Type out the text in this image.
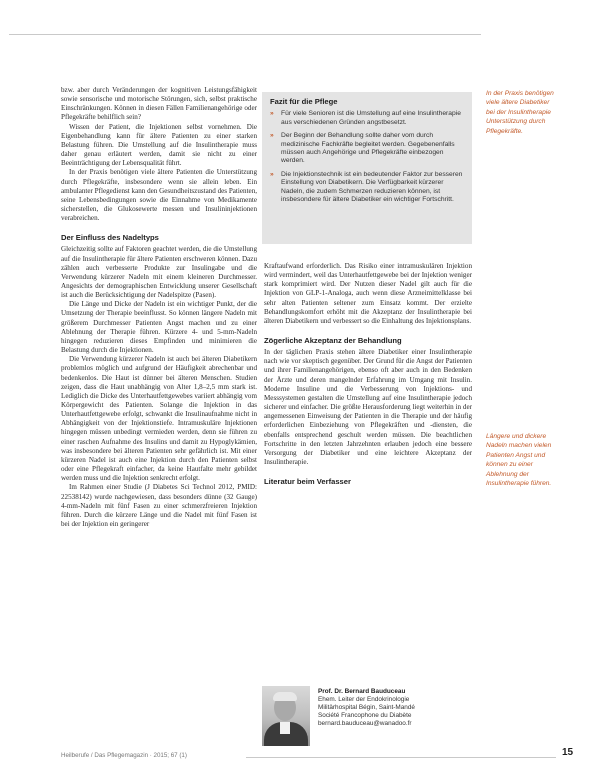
bzw. aber durch Veränderungen der kognitiven Leistungsfähigkeit sowie sensorische und motorische Störungen, sich, selbst praktische Einschränkungen. Können in diesen Fällen Familienangehörige oder Pflegekräfte behilflich sein?

Wissen der Patient, die Injektionen selbst vornehmen. Die Eigenbehandlung kann für ältere Patienten zu einer starken Belastung führen. Die Umstellung auf die Insulintherapie muss daher genau erläutert werden, damit sie nicht zu einer Beeinträchtigung der Lebensqualität führt.

In der Praxis benötigen viele ältere Patienten die Unterstützung durch Pflegekräfte, insbesondere wenn sie allein leben. Ein ambulanter Pflegedienst kann den Gesundheitszustand des Patienten, seine Lebensbedingungen sowie die Einnahme von Medikamente sicherstellen, die Glukosewerte messen und Insulininjektionen verabreichen.

Der Einfluss des Nadeltyps

Gleichzeitig sollte auf Faktoren geachtet werden, die die Umstellung auf die Insulintherapie für ältere Patienten erschweren können. Dazu zählen auch verbesserte Produkte zur Insulingabe und die Verwendung kürzerer Nadeln mit einem kleineren Durchmesser. Angesichts der demographischen Entwicklung unserer Gesellschaft ist auch die Berücksichtigung der Nadelspitze (Pasen).

Die Länge und Dicke der Nadeln ist ein wichtiger Punkt, der die Umsetzung der Therapie beeinflusst. So können längere Nadeln mit größerem Durchmesser Patienten Angst machen und zu einer Ablehnung der Therapie führen. Kürzere 4- und 5-mm-Nadeln hingegen reduzieren dieses Empfinden und minimieren die Belastung durch die Injektionen.

Die Verwendung kürzerer Nadeln ist auch bei älteren Diabetikern problemlos möglich und aufgrund der Häufigkeit abrechenbar und bedenkenlos. Die Haut ist dünner bei älteren Menschen. Studien zeigen, dass die Haut unabhängig von Alter 1,8–2,5 mm stark ist. Lediglich die Dicke des Unterhautfettgewebes variiert abhängig vom Körpergewicht des Patienten. Solange die Injektion in das Unterhautfettgewebe erfolgt, schwankt die Insulinaufnahme nicht in Abhängigkeit von der Injektionstiefe. Intramuskuläre Injektionen hingegen müssen unbedingt vermieden werden, denn sie führen zu einer raschen Aufnahme des Insulins und damit zu Hypoglykämien, was insbesondere bei älteren Patienten sehr gefährlich ist. Mit einer kürzeren Nadel ist auch eine Injektion durch den Patienten selbst oder eine Pflegekraft einfacher, da keine Hautfalte mehr gebildet werden muss und die Injektion senkrecht erfolgt.

Im Rahmen einer Studie (J Diabetes Sci Technol 2012, PMID: 22538142) wurde nachgewiesen, dass besonders dünne (32 Gauge) 4-mm-Nadeln mit fünf Fasen zu einer schmerzfreieren Injektion führen. Durch die kürzere Länge und die Nadel mit fünf Fasen ist bei der Injektion ein geringerer

Fazit für die Pflege
» Für viele Senioren ist die Umstellung auf eine Insulintherapie aus verschiedenen Gründen angstbesetzt.
» Der Beginn der Behandlung sollte daher vom durch medizinische Fachkräfte begleitet werden. Gegebenenfalls müssen auch Angehörige und Pflegekräfte einbezogen werden.
» Die Injektionstechnik ist ein bedeutender Faktor zur besseren Einstellung von Diabetikern. Die Verfügbarkeit kürzerer Nadeln, die zudem Schmerzen reduzieren können, ist insbesondere für ältere Diabetiker ein wichtiger Fortschritt.

Kraftaufwand erforderlich. Das Risiko einer intramuskulären Injektion wird vermindert, weil das Unterhautfettgewebe bei der Injektion weniger stark komprimiert wird. Der Nutzen dieser Nadel gilt auch für die Injektion von GLP-1-Analoga, auch wenn diese Arzneimittelklasse bei sehr alten Patienten seltener zum Einsatz kommt. Der erzielte Behandlungskomfort erhöht mit die Akzeptanz der Insulintherapie bei älteren Diabetikern und verbessert so die Einhaltung des Injektionsplans.

Zögerliche Akzeptanz der Behandlung

In der täglichen Praxis stehen ältere Diabetiker einer Insulintherapie nach wie vor skeptisch gegenüber. Der Grund für die Angst der Patienten und ihrer Familienangehörigen, ebenso oft aber auch in den Bedenken der Ärzte und deren mangelnder Erfahrung im Umgang mit Insulin. Moderne Insuline und die Verbesserung von Injektions- und Messsystemen gestalten die Umstellung auf eine Insulintherapie jedoch sicherer und einfacher. Die größte Herausforderung liegt weiterhin in der angemessenen Einweisung der Patienten in die Therapie und der häufig erforderlichen Einbeziehung von Pflegekräften und -diensten, die ebenfalls entsprechend geschult werden müssen. Die beachtlichen Fortschritte in den letzten Jahrzehnten erlauben jedoch eine bessere Versorgung der Diabetiker und eine leichtere Akzeptanz der Insulintherapie.

Literatur beim Verfasser
In der Praxis benötigen viele ältere Diabetiker bei der Insulintherapie Unterstützung durch Pflegekräfte.
Längere und dickere Nadeln machen vielen Patienten Angst und können zu einer Ablehnung der Insulintherapie führen.
Prof. Dr. Bernard Bauduceau
Ehem. Leiter der Endokrinologie
Militärhospital Bégin, Saint-Mandé
Société Francophone du Diabète
bernard.bauduceau@wanadoo.fr
Heilberufe / Das Pflegemagazin · 2015; 67 (1)	15
